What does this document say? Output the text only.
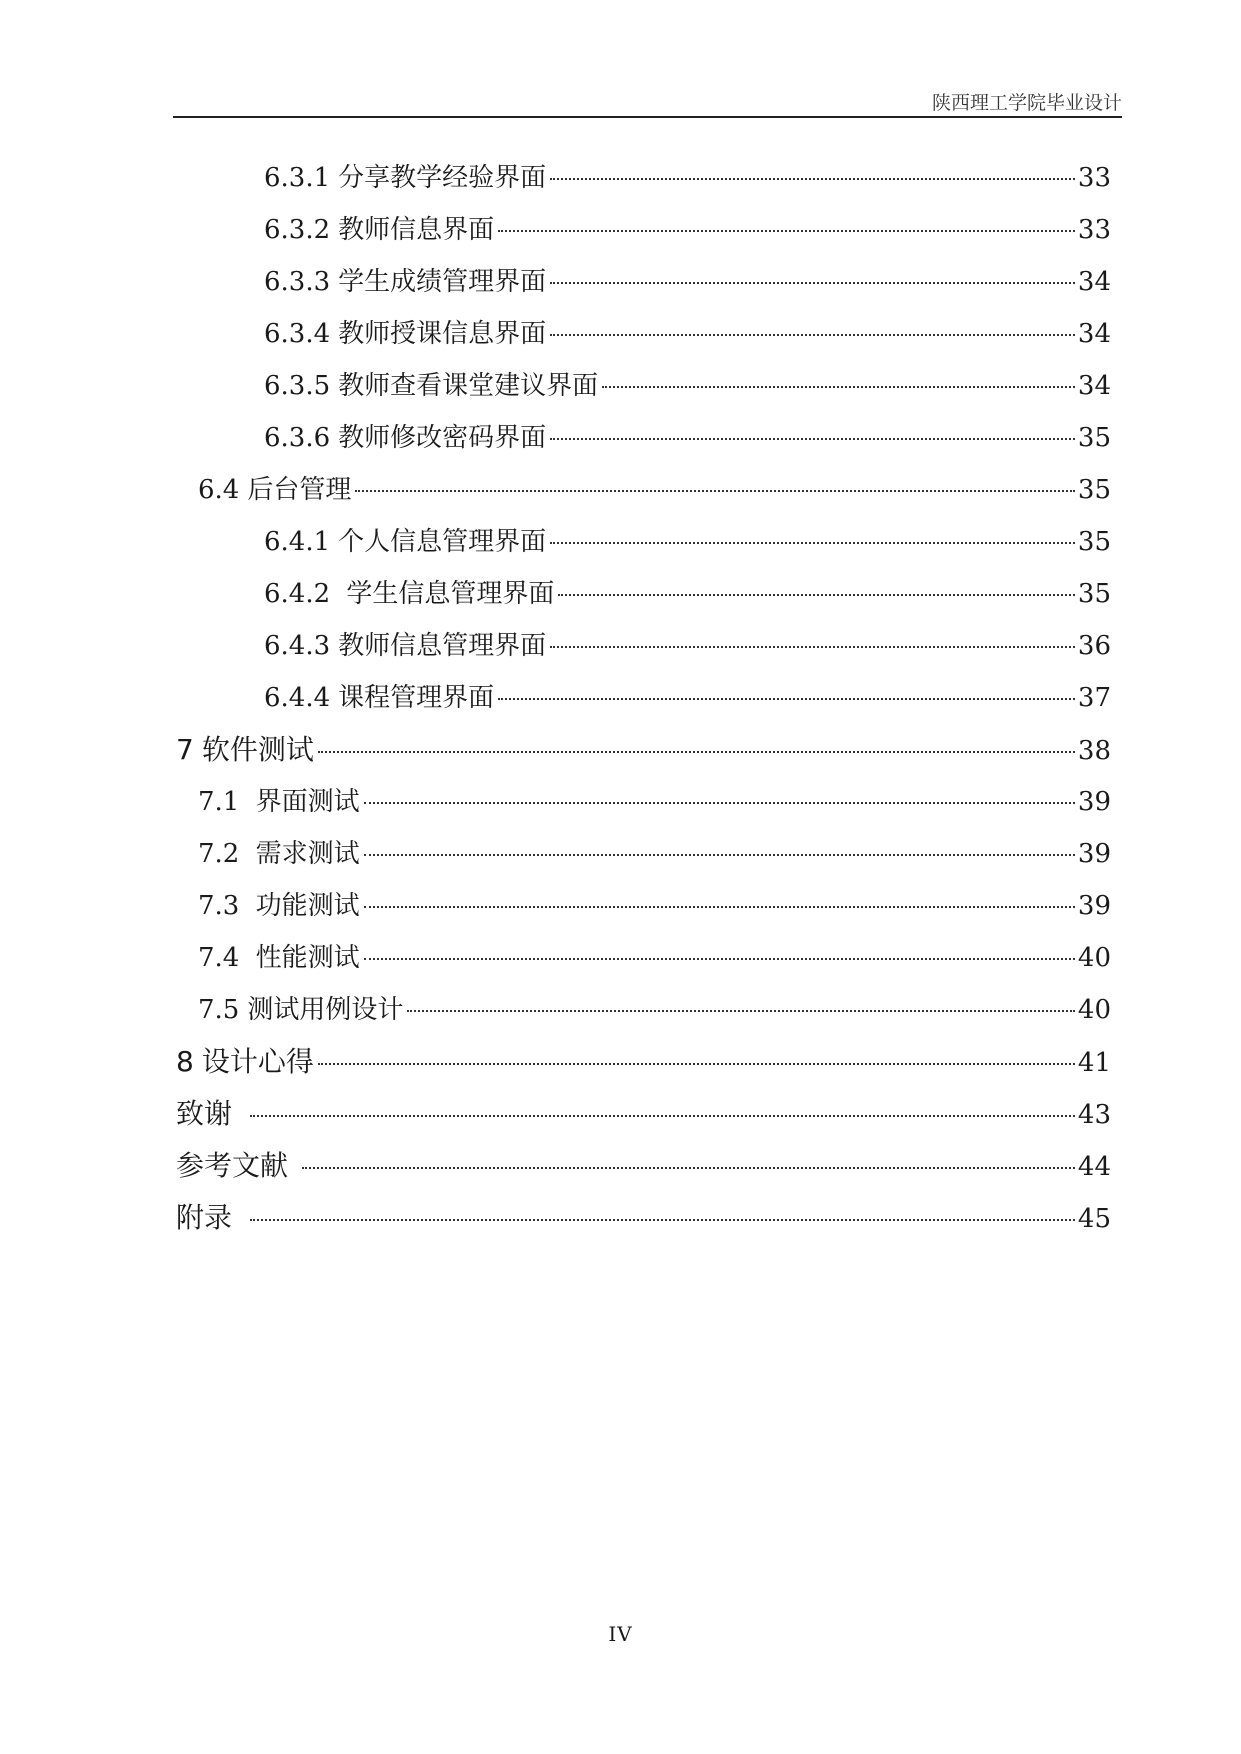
陕西理工学院毕业设计
6.3.1 分享教学经验界面	33
6.3.2 教师信息界面	33
6.3.3 学生成绩管理界面	34
6.3.4 教师授课信息界面	34
6.3.5 教师查看课堂建议界面	34
6.3.6 教师修改密码界面	35
6.4 后台管理	35
6.4.1 个人信息管理界面	35
6.4.2 学生信息管理界面	35
6.4.3 教师信息管理界面	36
6.4.4 课程管理界面	37
7 软件测试	38
7.1 界面测试	39
7.2 需求测试	39
7.3 功能测试	39
7.4 性能测试	40
7.5 测试用例设计	40
8 设计心得	41
致谢	43
参考文献	44
附录	45
IV
